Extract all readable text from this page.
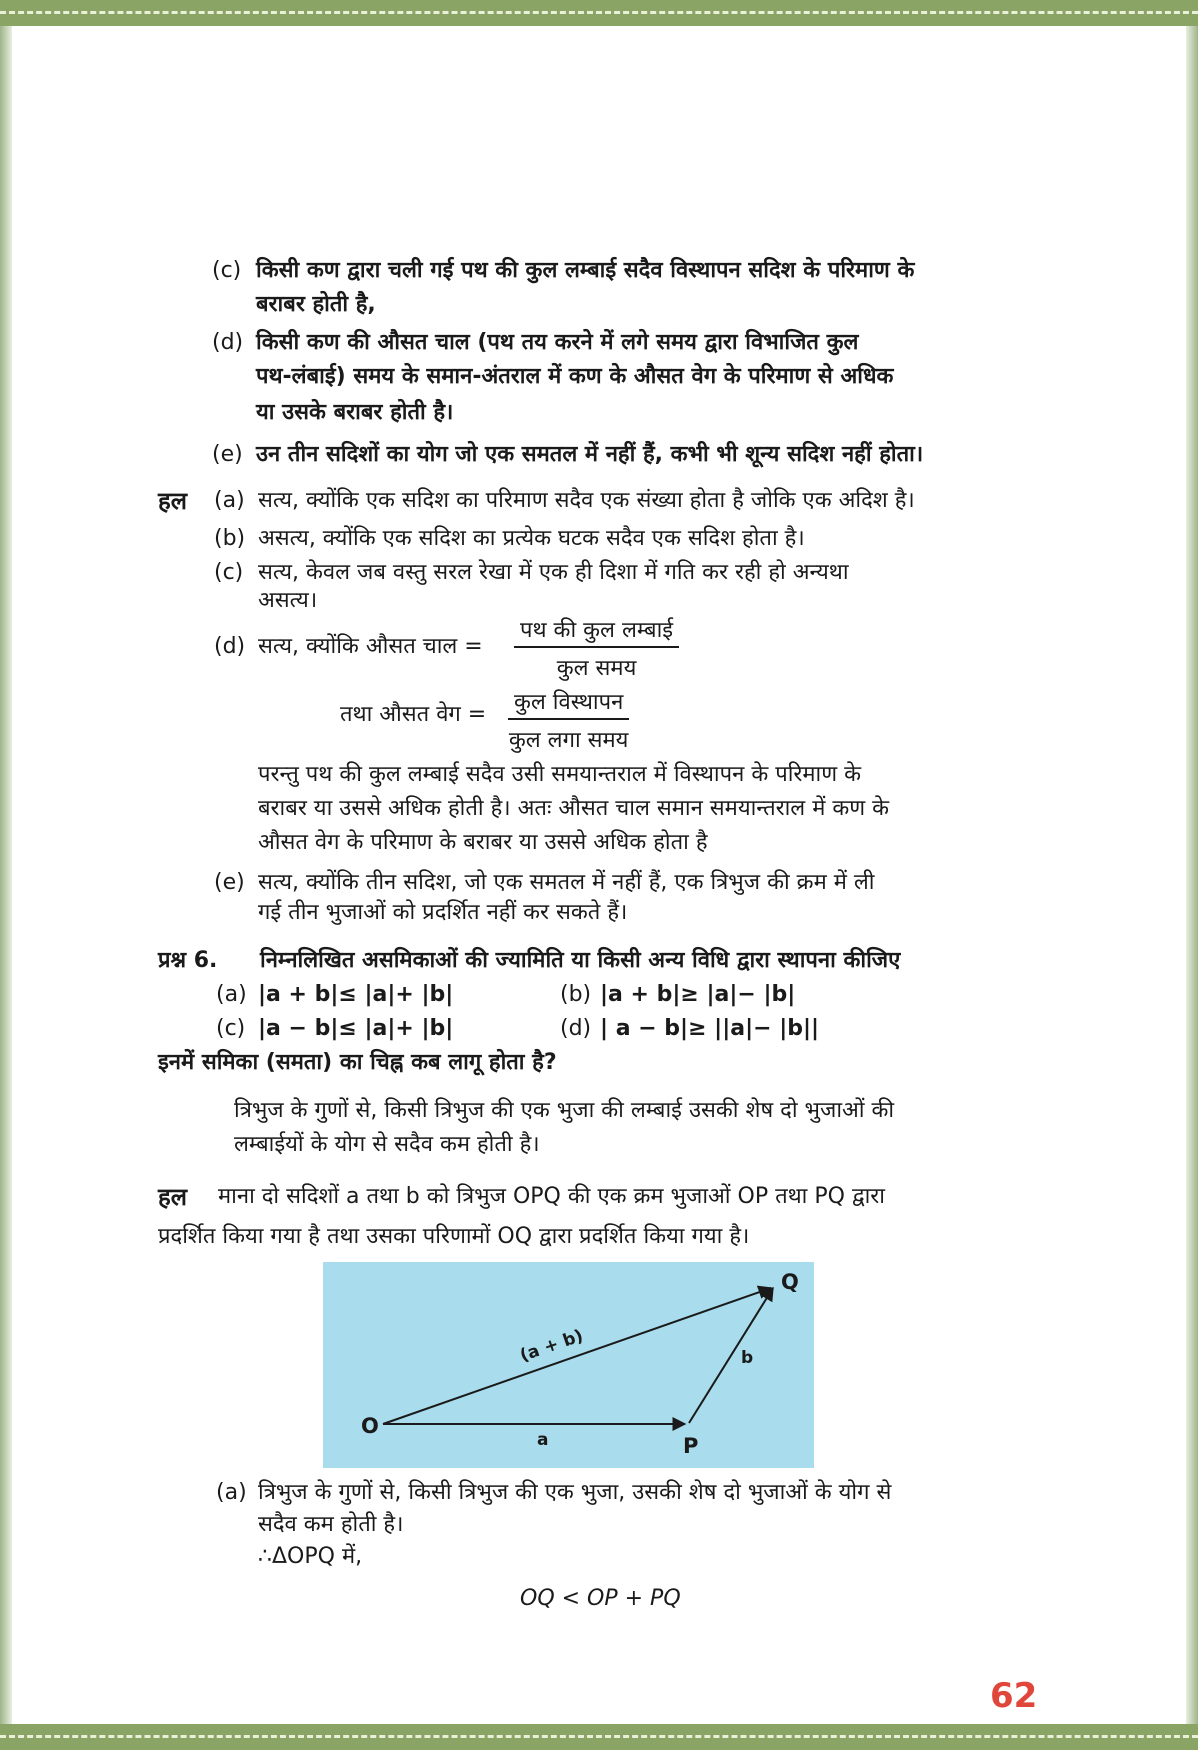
(c) किसी कण द्वारा चली गई पथ की कुल लम्बाई सदैव विस्थापन सदिश के परिमाण के
बराबर होती है,
(d) किसी कण की औसत चाल (पथ तय करने में लगे समय द्वारा विभाजित कुल
पथ-लंबाई) समय के समान-अंतराल में कण के औसत वेग के परिमाण से अधिक
या उसके बराबर होती है।
(e) उन तीन सदिशों का योग जो एक समतल में नहीं हैं, कभी भी शून्य सदिश नहीं होता।
हल (a) सत्य, क्योंकि एक सदिश का परिमाण सदैव एक संख्या होता है जोकि एक अदिश है।
(b) असत्य, क्योंकि एक सदिश का प्रत्येक घटक सदैव एक सदिश होता है।
(c) सत्य, केवल जब वस्तु सरल रेखा में एक ही दिशा में गति कर रही हो अन्यथा
असत्य।
(d) सत्य, क्योंकि औसत चाल =
पथ की कुल लम्बाई
कुल समय
तथा औसत वेग = कुल विस्थापन
कुल लगा समय
परन्तु पथ की कुल लम्बाई सदैव उसी समयान्तराल में विस्थापन के परिमाण के
बराबर या उससे अधिक होती है। अतः औसत चाल समान समयान्तराल में कण के
औसत वेग के परिमाण के बराबर या उससे अधिक होता है
(e) सत्य, क्योंकि तीन सदिश, जो एक समतल में नहीं हैं, एक त्रिभुज की क्रम में ली
गई तीन भुजाओं को प्रदर्शित नहीं कर सकते हैं।
प्रश्न 6. निम्नलिखित असमिकाओं की ज्यामिति या किसी अन्य विधि द्वारा स्थापना कीजिए
(a) |a + b|≤ |a|+ |b|	(b) |a + b|≥ |a|− |b|
(c) |a − b|≤ |a|+ |b|	(d) | a − b|≥ ||a|− |b||
इनमें समिका (समता) का चिह्न कब लागू होता है?
त्रिभुज के गुणों से, किसी त्रिभुज की एक भुजा की लम्बाई उसकी शेष दो भुजाओं की
लम्बाईयों के योग से सदैव कम होती है।
हल माना दो सदिशों a तथा b को त्रिभुज OPQ की एक क्रम भुजाओं OP तथा PQ द्वारा
प्रदर्शित किया गया है तथा उसका परिणामों OQ द्वारा प्रदर्शित किया गया है।
O
P
Q
a
b
(a + b)
(a) त्रिभुज के गुणों से, किसी त्रिभुज की एक भुजा, उसकी शेष दो भुजाओं के योग से
सदैव कम होती है।
∴ΔOPQ में,
OQ < OP + PQ
62
